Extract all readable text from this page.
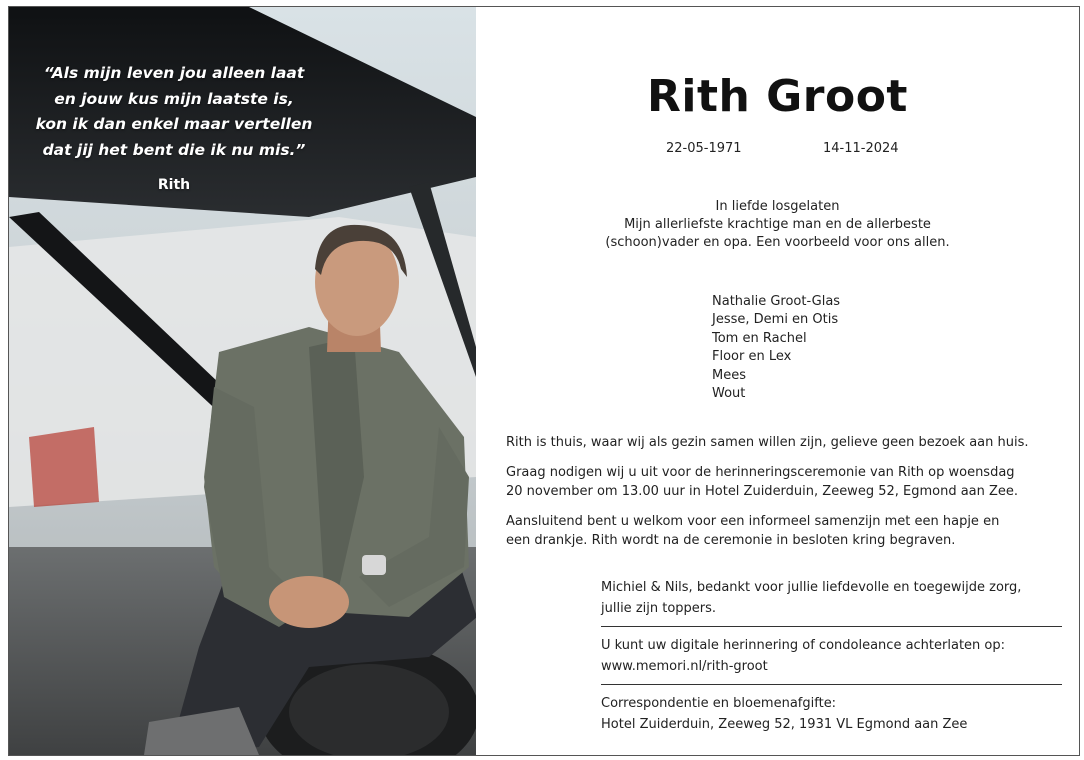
“Als mijn leven jou alleen laat
en jouw kus mijn laatste is,
kon ik dan enkel maar vertellen
dat jij het bent die ik nu mis.”
Rith
Rith Groot
22-05-1971	14-11-2024
In liefde losgelaten
Mijn allerliefste krachtige man en de allerbeste
(schoon)vader en opa. Een voorbeeld voor ons allen.
Nathalie Groot-Glas
Jesse, Demi en Otis
Tom en Rachel
Floor en Lex
Mees
Wout
Rith is thuis, waar wij als gezin samen willen zijn, gelieve geen bezoek aan huis.
Graag nodigen wij u uit voor de herinneringsceremonie van Rith op woensdag
20 november om 13.00 uur in Hotel Zuiderduin, Zeeweg 52, Egmond aan Zee.
Aansluitend bent u welkom voor een informeel samenzijn met een hapje en
een drankje. Rith wordt na de ceremonie in besloten kring begraven.
Michiel & Nils, bedankt voor jullie liefdevolle en toegewijde zorg,
jullie zijn toppers.
U kunt uw digitale herinnering of condoleance achterlaten op:
www.memori.nl/rith-groot
Correspondentie en bloemenafgifte:
Hotel Zuiderduin, Zeeweg 52, 1931 VL Egmond aan Zee
